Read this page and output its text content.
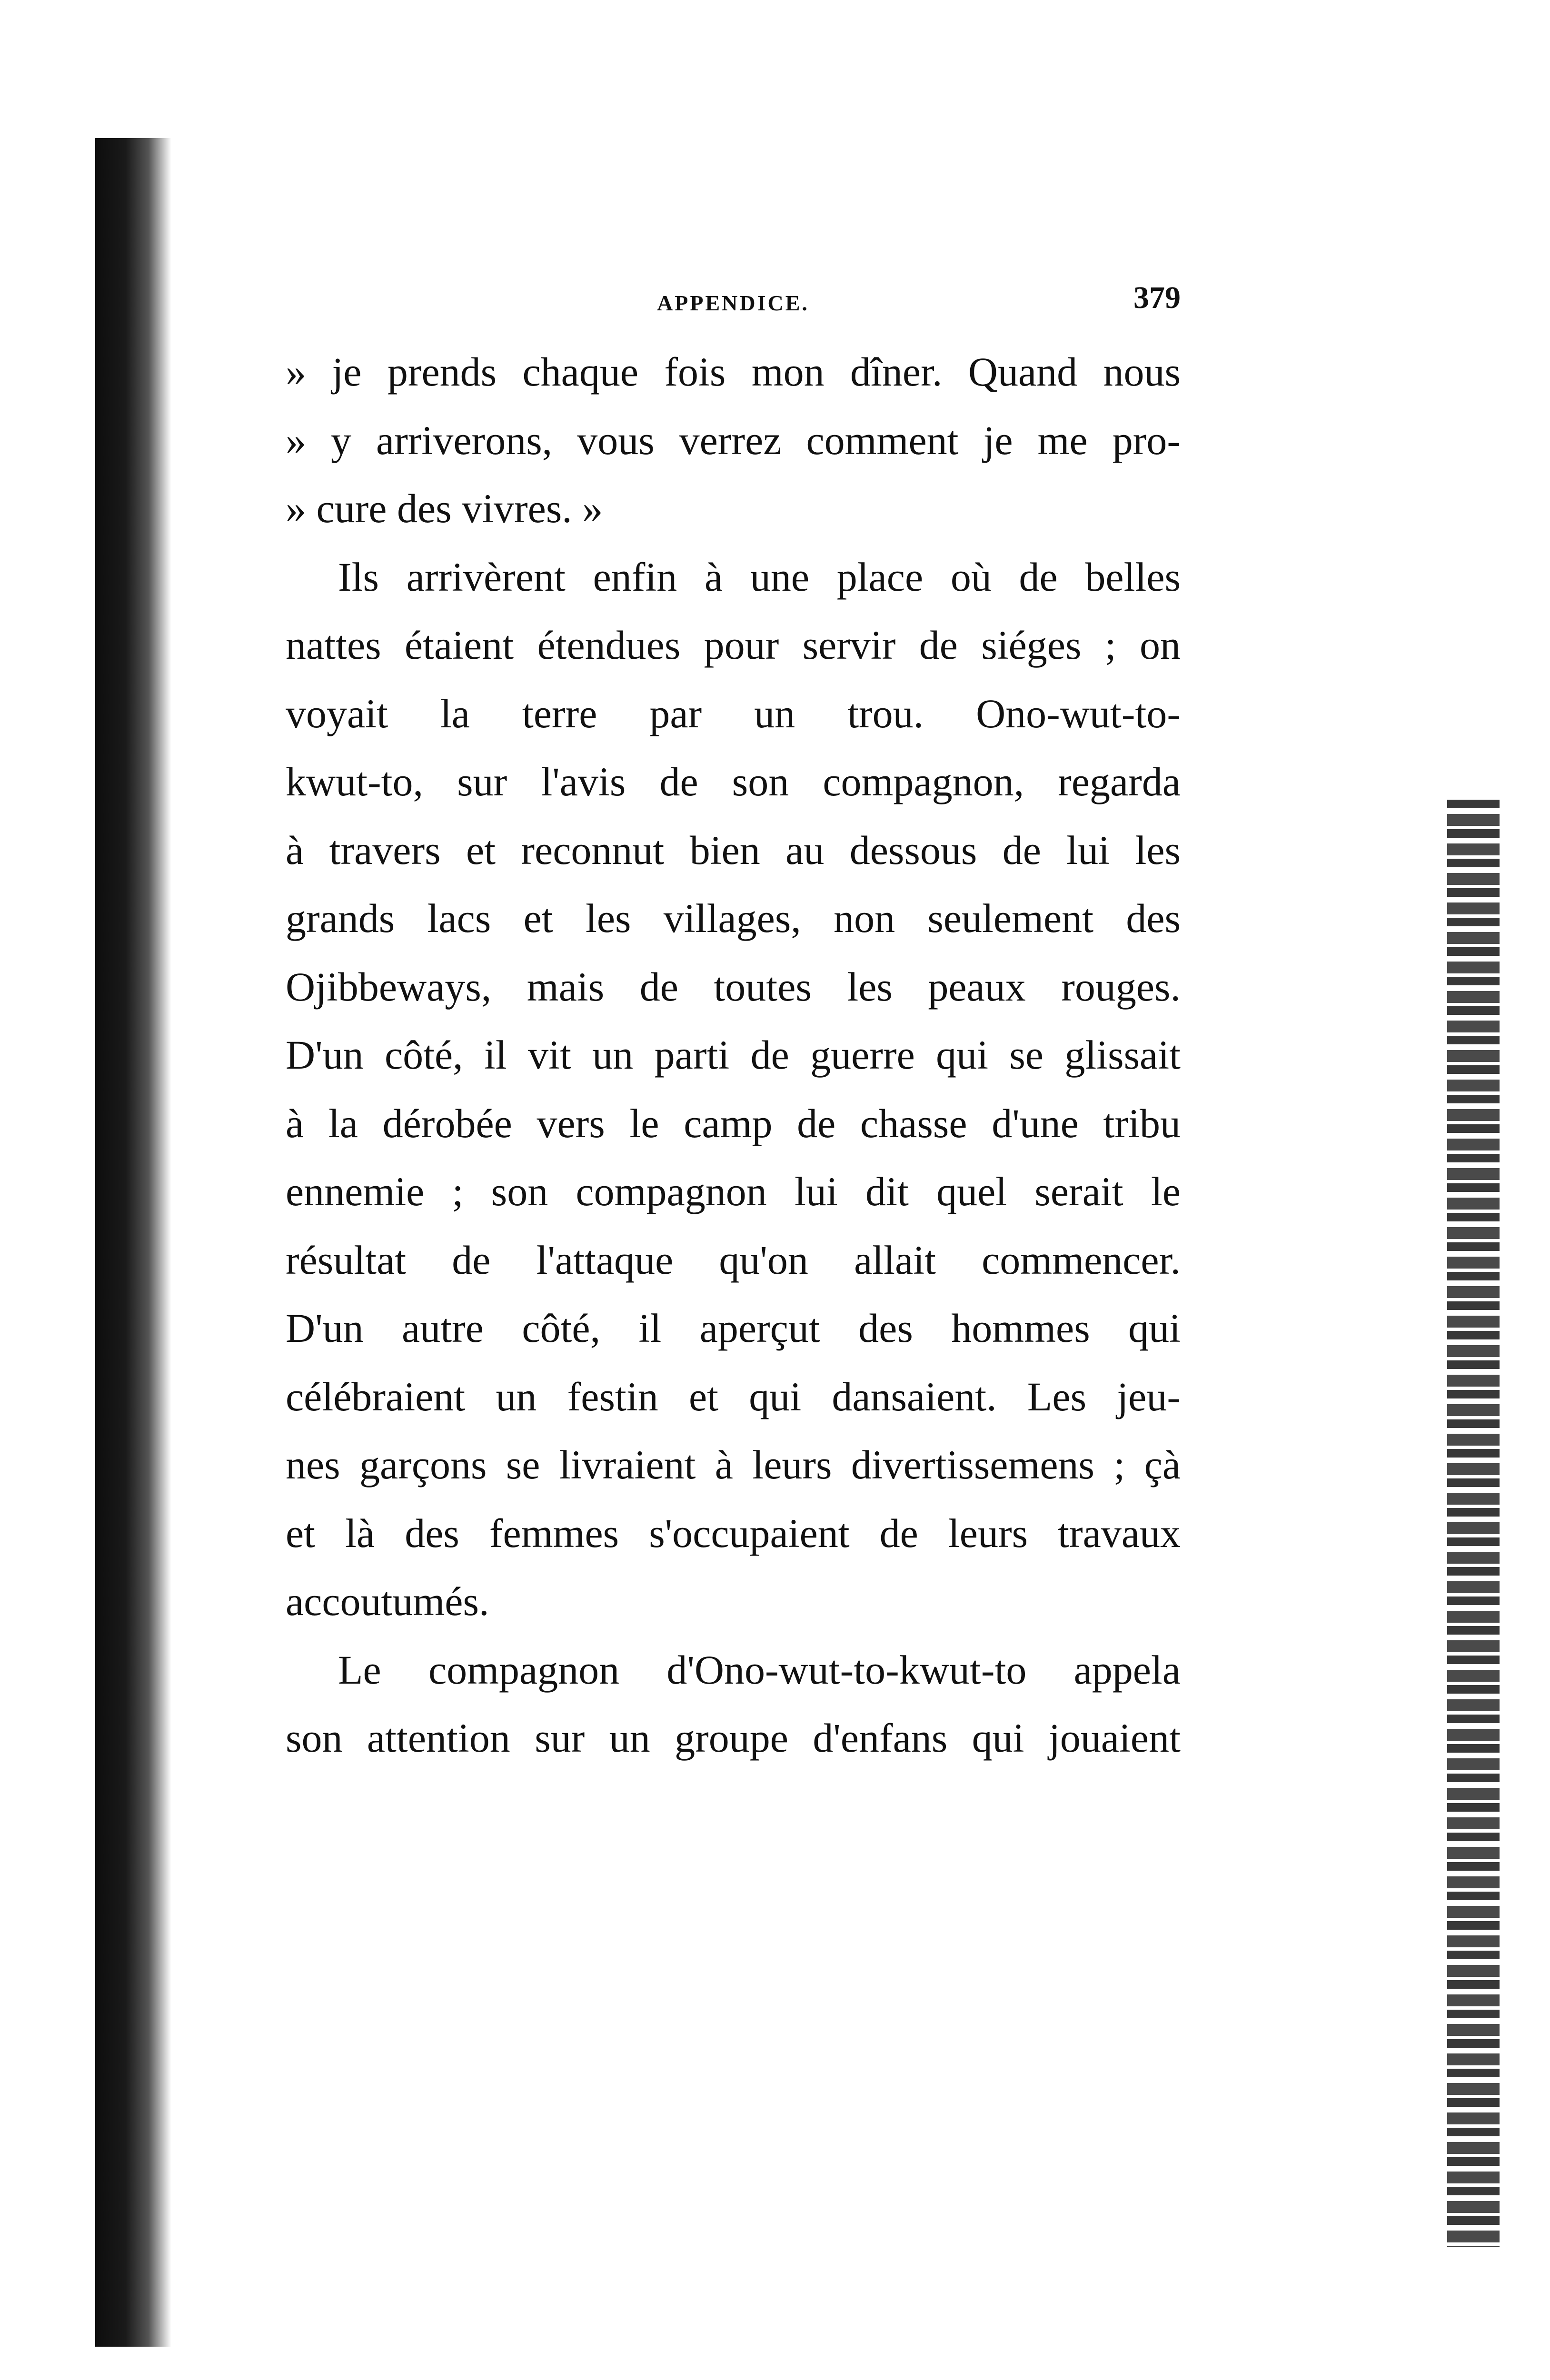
APPENDICE.	379
» je prends chaque fois mon dîner. Quand nous
» y arriverons, vous verrez comment je me pro-
» cure des vivres. »
Ils arrivèrent enfin à une place où de belles
nattes étaient étendues pour servir de siéges ; on
voyait la terre par un trou. Ono-wut-to-
kwut-to, sur l'avis de son compagnon, regarda
à travers et reconnut bien au dessous de lui les
grands lacs et les villages, non seulement des
Ojibbeways, mais de toutes les peaux rouges.
D'un côté, il vit un parti de guerre qui se glissait
à la dérobée vers le camp de chasse d'une tribu
ennemie ; son compagnon lui dit quel serait le
résultat de l'attaque qu'on allait commencer.
D'un autre côté, il aperçut des hommes qui
célébraient un festin et qui dansaient. Les jeu-
nes garçons se livraient à leurs divertissemens ; çà
et là des femmes s'occupaient de leurs travaux
accoutumés.
Le compagnon d'Ono-wut-to-kwut-to appela
son attention sur un groupe d'enfans qui jouaient
